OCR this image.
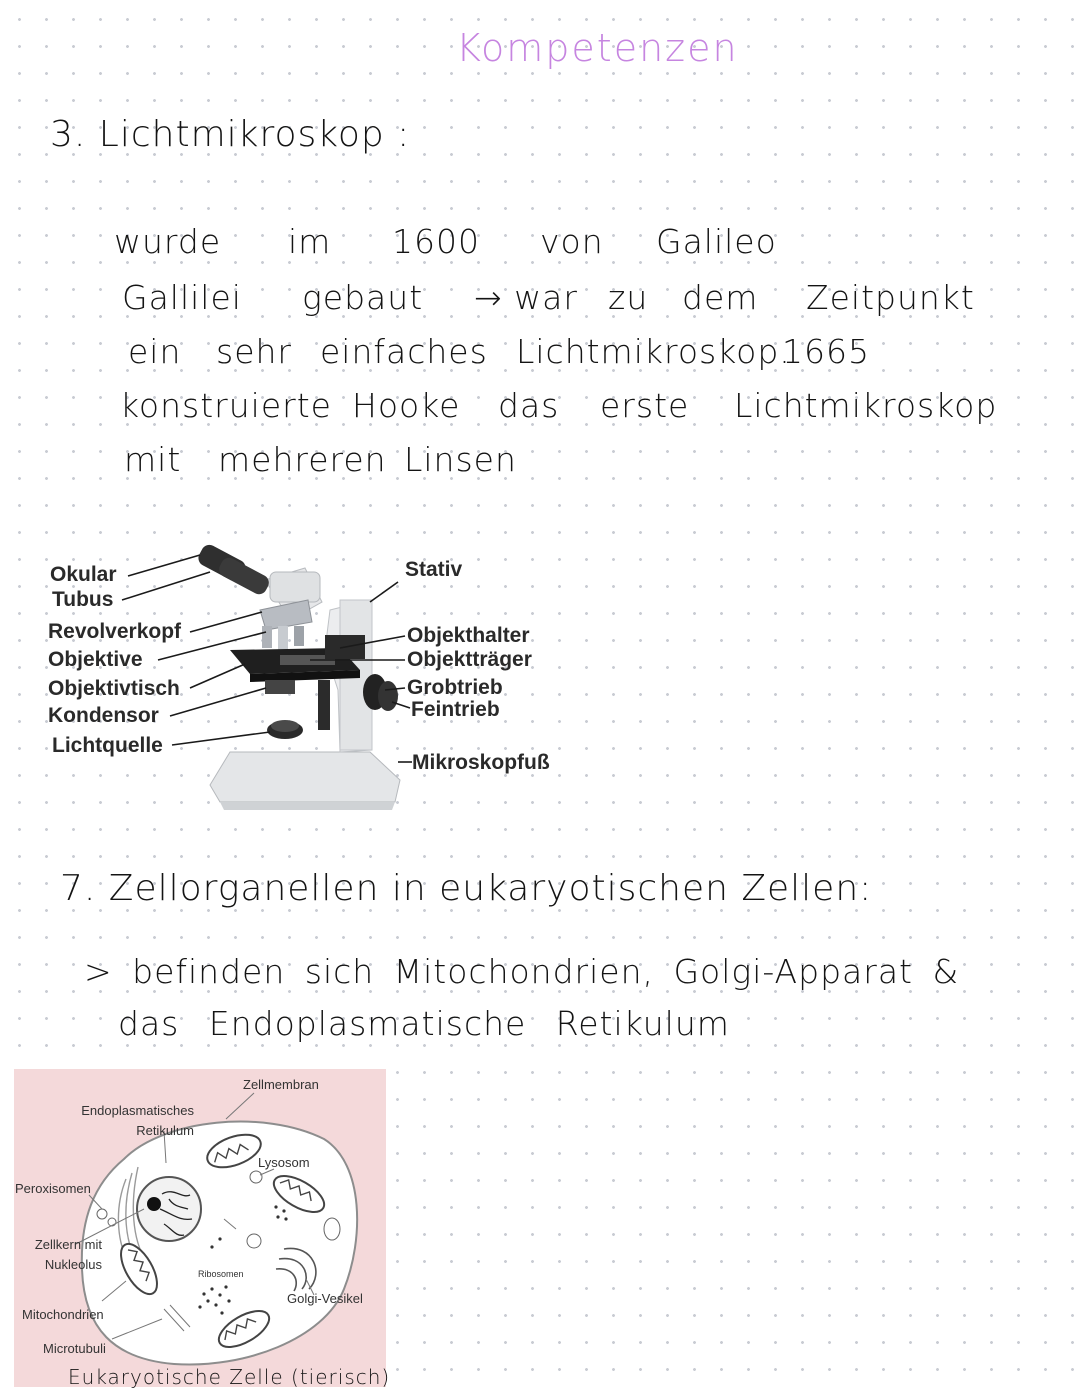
Kompetenzen
3. Lichtmikroskop :
wurde im 1600 von Galileo
Gallilei gebaut → war zu dem Zeitpunkt
ein sehr einfaches Lichtmikroskop.
1665
konstruierte Hooke das erste Lichtmikroskop
mit mehreren Linsen
Okular
Tubus
Revolverkopf
Objektive
Objektivtisch
Kondensor
Lichtquelle
Stativ
Objekthalter
Objektträger
Grobtrieb
Feintrieb
Mikroskopfuß
7. Zellorganellen in eukaryotischen Zellen:
> befinden sich Mitochondrien, Golgi-Apparat &
das Endoplasmatische Retikulum
Zellmembran
Endoplasmatisches Retikulum
Lysosom
Peroxisomen
Zellkern mit Nukleolus
Ribosomen
Golgi-Vesikel
Mitochondrien
Microtubuli
Eukaryotische Zelle (tierisch)
